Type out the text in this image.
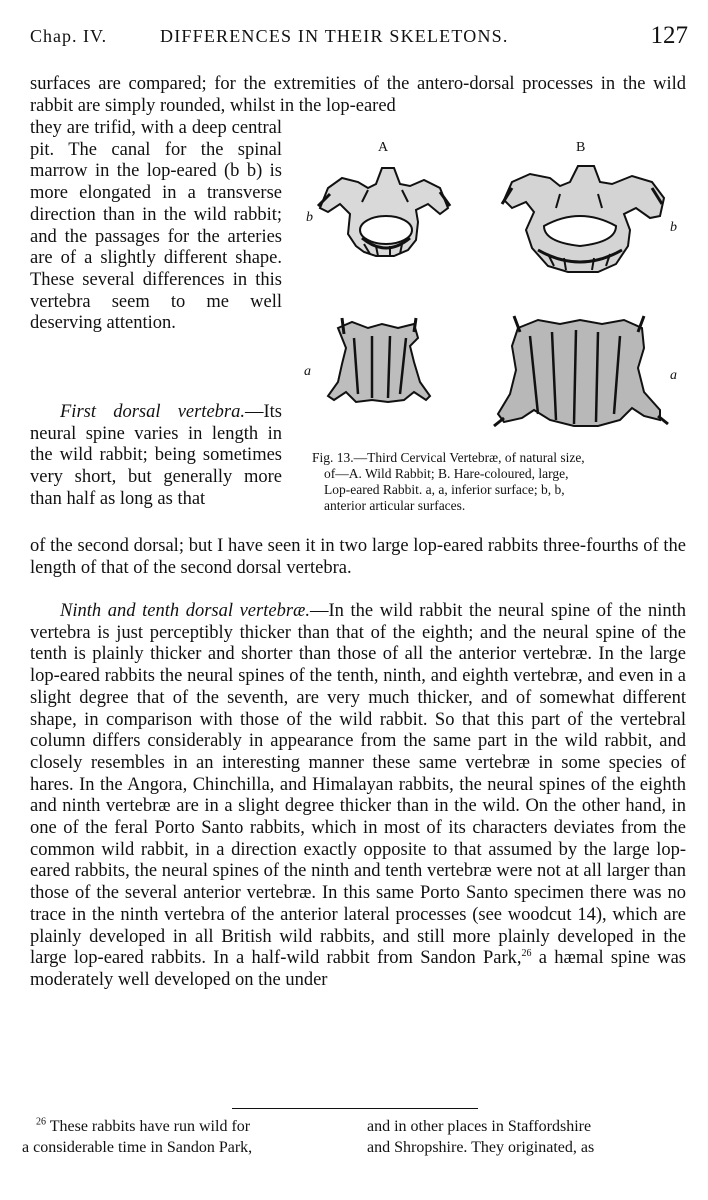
Chap. IV.	DIFFERENCES IN THEIR SKELETONS.	127

surfaces are compared; for the extremities of the antero-dorsal processes in the wild rabbit are simply rounded, whilst in the lop-eared

they are trifid, with a deep central pit. The canal for the spinal marrow in the lop-eared (b b) is more elongated in a transverse direction than in the wild rabbit; and the passages for the arteries are of a slightly different shape. These several differences in this vertebra seem to me well deserving attention.

First dorsal vertebra.—Its neural spine varies in length in the wild rabbit; being sometimes very short, but generally more than half as long as that

of the second dorsal; but I have seen it in two large lop-eared rabbits three-fourths of the length of that of the second dorsal vertebra.

Ninth and tenth dorsal vertebræ.—In the wild rabbit the neural spine of the ninth vertebra is just perceptibly thicker than that of the eighth; and the neural spine of the tenth is plainly thicker and shorter than those of all the anterior vertebræ. In the large lop-eared rabbits the neural spines of the tenth, ninth, and eighth vertebræ, and even in a slight degree that of the seventh, are very much thicker, and of somewhat different shape, in comparison with those of the wild rabbit. So that this part of the vertebral column differs considerably in appearance from the same part in the wild rabbit, and closely resembles in an interesting manner these same vertebræ in some species of hares. In the Angora, Chinchilla, and Himalayan rabbits, the neural spines of the eighth and ninth vertebræ are in a slight degree thicker than in the wild. On the other hand, in one of the feral Porto Santo rabbits, which in most of its characters deviates from the common wild rabbit, in a direction exactly opposite to that assumed by the large lop-eared rabbits, the neural spines of the ninth and tenth vertebræ were not at all larger than those of the several anterior vertebræ. In this same Porto Santo specimen there was no trace in the ninth vertebra of the anterior lateral processes (see woodcut 14), which are plainly developed in all British wild rabbits, and still more plainly developed in the large lop-eared rabbits. In a half-wild rabbit from Sandon Park,$^{26}$ a hæmal spine was moderately well developed on the under

A	B
b
b
a	a
Fig. 13.—Third Cervical Vertebræ, of natural size,
of—A. Wild Rabbit; B. Hare-coloured, large,
Lop-eared Rabbit. a, a, inferior surface; b, b,
anterior articular surfaces.
$^{26}$ These rabbits have run wild for
a considerable time in Sandon Park,
and in other places in Staffordshire
and Shropshire. They originated, as
